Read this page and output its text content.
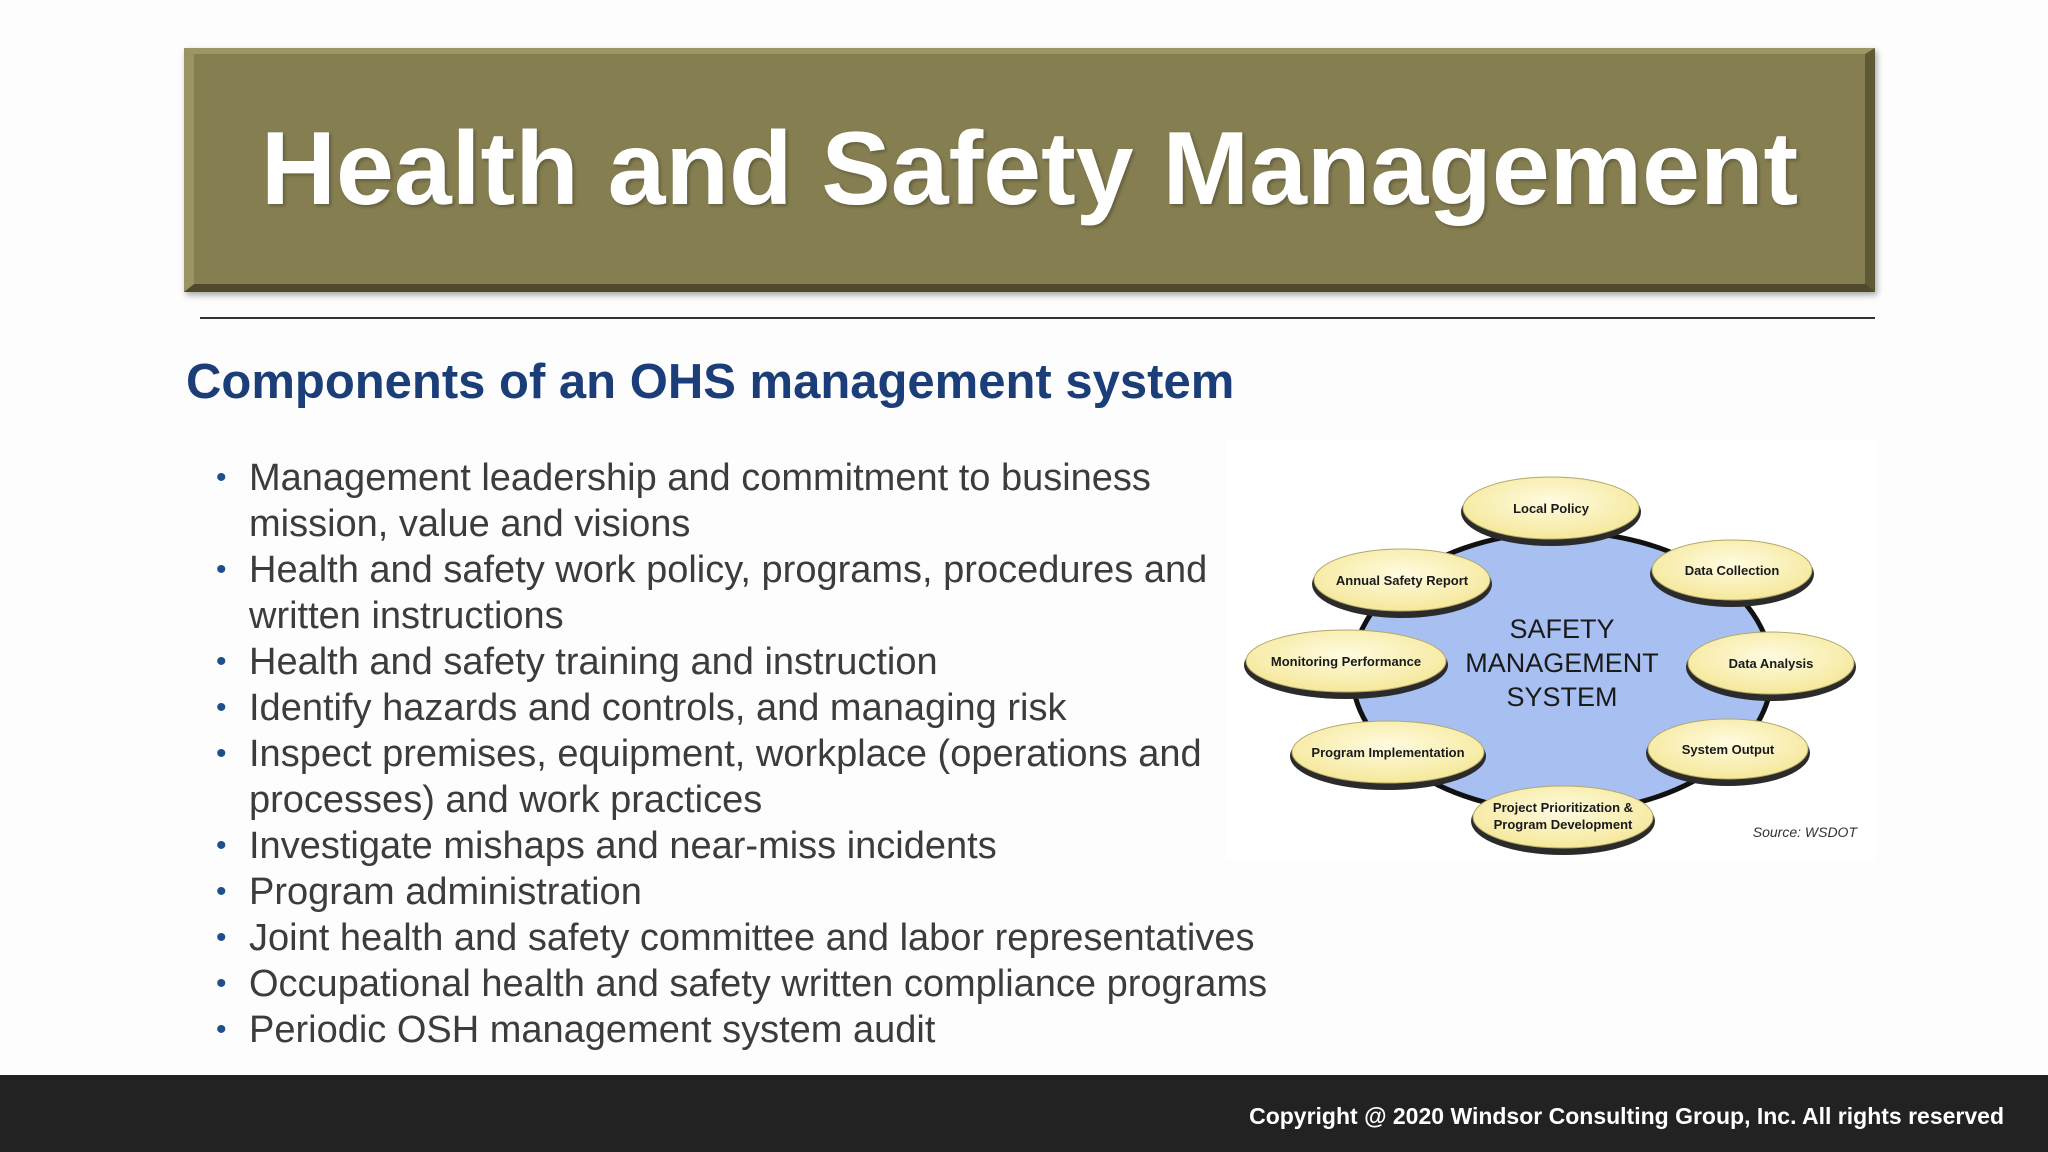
Health and Safety Management
Components of an OHS management system
• Management leadership and commitment to business
mission, value and visions
• Health and safety work policy, programs, procedures and
written instructions
• Health and safety training and instruction
• Identify hazards and controls, and managing risk
• Inspect premises, equipment, workplace (operations and
processes) and work practices
• Investigate mishaps and near-miss incidents
• Program administration
• Joint health and safety committee and labor representatives
• Occupational health and safety written compliance programs
• Periodic OSH management system audit
SAFETY
MANAGEMENT
SYSTEM
Local Policy
Data Collection
Data Analysis
System Output
Project Prioritization &
Program Development
Program Implementation
Monitoring Performance
Annual Safety Report
Source: WSDOT
Copyright @ 2020 Windsor Consulting Group, Inc. All rights reserved
